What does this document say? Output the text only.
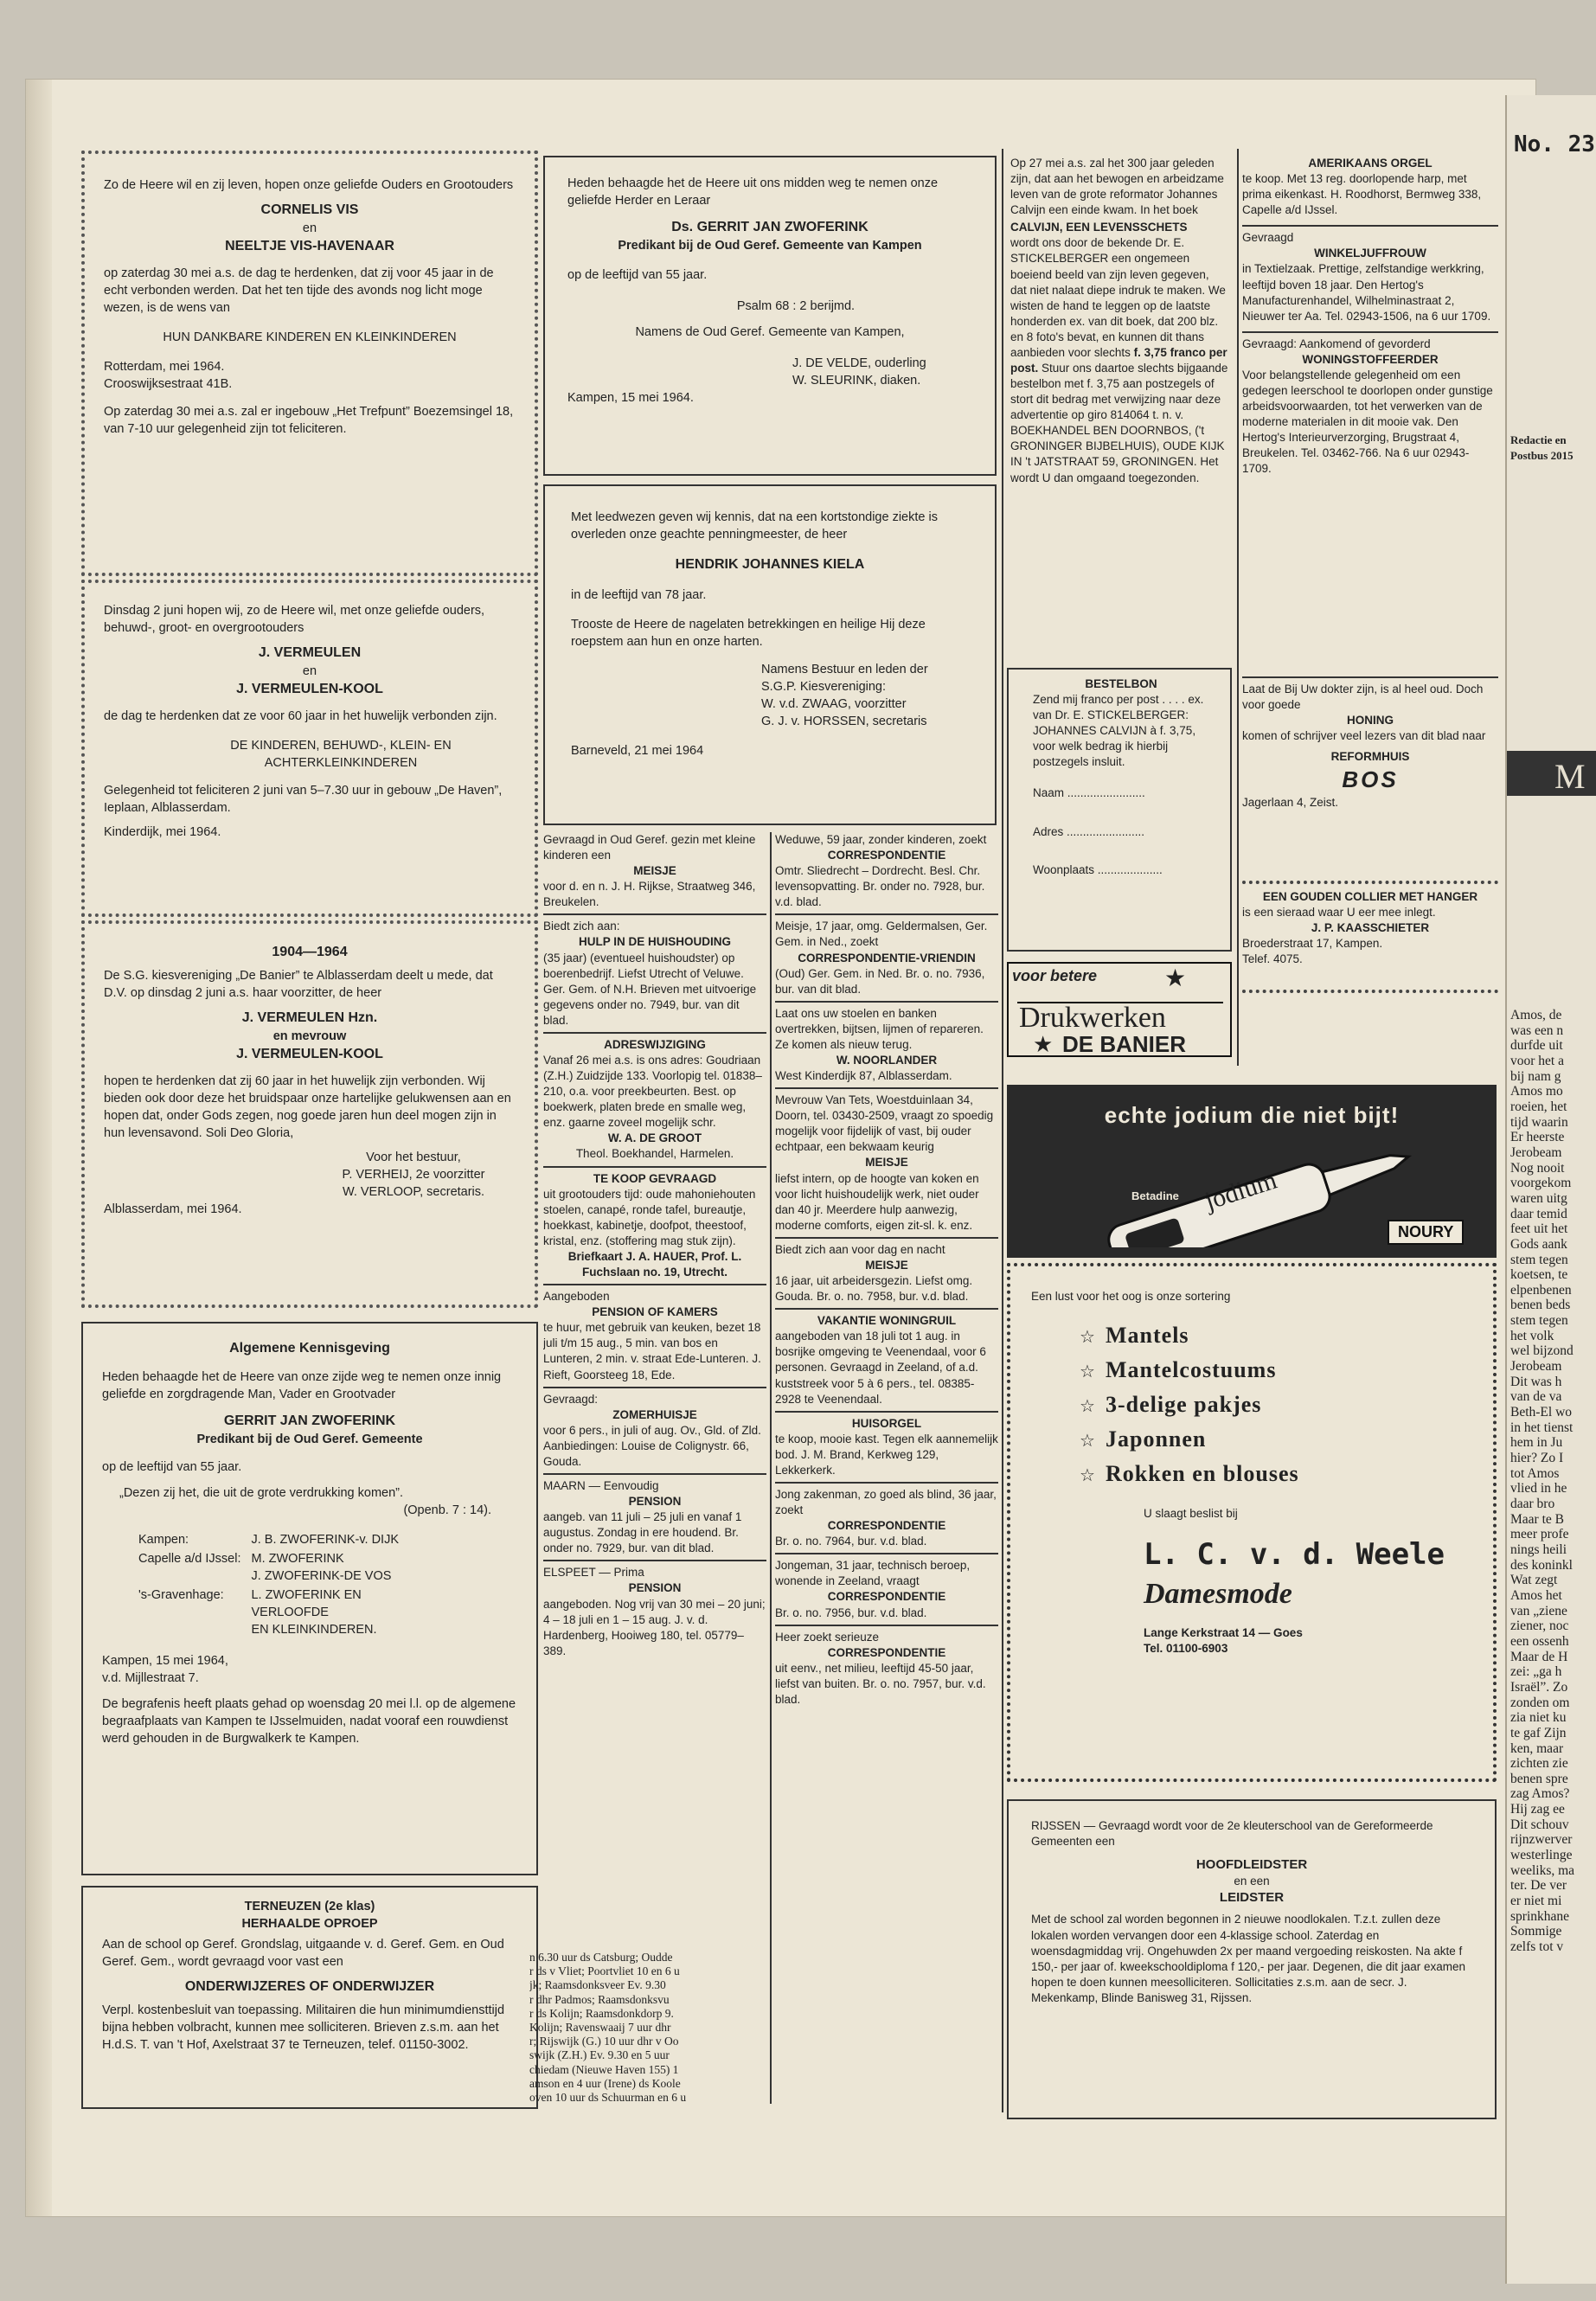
No. 23
Redactie en
Postbus 2015
M
Amos, de
was een n
durfde uit
voor het a
bij nam g
Amos mo
roeien, het
tijd waarin
Er heerste
Jerobeam
Nog nooit
voorgekom
waren uitg
daar temid
feet uit het
Gods aank
stem tegen
koetsen, te
elpenbenen
benen beds
stem tegen
het volk
wel bijzond
Jerobeam
Dit was h
van de va
Beth-El wo
in het tienst
hem in Ju
hier? Zo I
tot Amos
vlied in he
daar bro
Maar te B
meer profe
nings heili
des koninkl
Wat zegt
Amos het
van „ziene
ziener, noc
een ossenh
Maar de H
zei: „ga h
Israël”. Zo
zonden om
zia niet ku
te gaf Zijn
ken, maar
zichten zie
benen spre
zag Amos?
Hij zag ee
Dit schouv
rijnzwerver
westerlinge
weeliks, ma
ter. De ver
er niet mi
sprinkhane
Sommige
zelfs tot v

Zo de Heere wil en zij leven, hopen onze geliefde Ouders en Grootouders

CORNELIS VIS
en
NEELTJE VIS-HAVENAAR

op zaterdag 30 mei a.s. de dag te herdenken, dat zij voor 45 jaar in de echt verbonden werden. Dat het ten tijde des avonds nog licht moge wezen, is de wens van

HUN DANKBARE KINDEREN EN KLEINKINDEREN
Rotterdam, mei 1964.
Crooswijksestraat 41B.

Op zaterdag 30 mei a.s. zal er ingebouw „Het Trefpunt” Boezemsingel 18, van 7-10 uur gelegenheid zijn tot feliciteren.

Dinsdag 2 juni hopen wij, zo de Heere wil, met onze geliefde ouders, behuwd-, groot- en overgrootouders

J. VERMEULEN
en
J. VERMEULEN-KOOL

de dag te herdenken dat ze voor 60 jaar in het huwelijk verbonden zijn.

DE KINDEREN, BEHUWD-, KLEIN- EN ACHTERKLEINKINDEREN

Gelegenheid tot feliciteren 2 juni van 5–7.30 uur in gebouw „De Haven”, Ieplaan, Alblasserdam.

Kinderdijk, mei 1964.
1904—1964

De S.G. kiesvereniging „De Banier” te Alblasserdam deelt u mede, dat D.V. op dinsdag 2 juni a.s. haar voorzitter, de heer

J. VERMEULEN Hzn.
en mevrouw
J. VERMEULEN-KOOL

hopen te herdenken dat zij 60 jaar in het huwelijk zijn verbonden. Wij bieden ook door deze het bruidspaar onze hartelijke gelukwensen aan en hopen dat, onder Gods zegen, nog goede jaren hun deel mogen zijn in hun levensavond. Soli Deo Gloria,

Voor het bestuur,
P. VERHEIJ, 2e voorzitter
W. VERLOOP, secretaris.
Alblasserdam, mei 1964.
Algemene Kennisgeving

Heden behaagde het de Heere van onze zijde weg te nemen onze innig geliefde en zorgdragende Man, Vader en Grootvader

GERRIT JAN ZWOFERINK
Predikant bij de Oud Geref. Gemeente

op de leeftijd van 55 jaar.

„Dezen zij het, die uit de grote verdrukking komen”.
(Openb. 7 : 14).
Kampen:	J. B. ZWOFERINK-v. DIJK

Capelle a/d IJssel:	M. ZWOFERINK
J. ZWOFERINK-DE VOS

's-Gravenhage:	L. ZWOFERINK EN
VERLOOFDE
EN KLEINKINDEREN.
Kampen, 15 mei 1964,
v.d. Mijllestraat 7.

De begrafenis heeft plaats gehad op woensdag 20 mei l.l. op de algemene begraafplaats van Kampen te IJsselmuiden, nadat vooraf een rouwdienst werd gehouden in de Burgwalkerk te Kampen.

TERNEUZEN (2e klas)
HERHAALDE OPROEP

Aan de school op Geref. Grondslag, uitgaande v. d. Geref. Gem. en Oud Geref. Gem., wordt gevraagd voor vast een

ONDERWIJZERES OF ONDERWIJZER

Verpl. kostenbesluit van toepassing. Militairen die hun minimumdiensttijd bijna hebben volbracht, kunnen mee solliciteren. Brieven z.s.m. aan het H.d.S. T. van 't Hof, Axelstraat 37 te Terneuzen, telef. 01150-3002.

Heden behaagde het de Heere uit ons midden weg te nemen onze geliefde Herder en Leraar

Ds. GERRIT JAN ZWOFERINK
Predikant bij de Oud Geref. Gemeente van Kampen

op de leeftijd van 55 jaar.

Psalm 68 : 2 berijmd.
Namens de Oud Geref. Gemeente van Kampen,
J. DE VELDE, ouderling
W. SLEURINK, diaken.
Kampen, 15 mei 1964.

Met leedwezen geven wij kennis, dat na een kortstondige ziekte is overleden onze geachte penningmeester, de heer

HENDRIK JOHANNES KIELA

in de leeftijd van 78 jaar.

Trooste de Heere de nagelaten betrekkingen en heilige Hij deze roepstem aan hun en onze harten.

Namens Bestuur en leden der
S.G.P. Kiesvereniging:
W. v.d. ZWAAG, voorzitter
G. J. v. HORSSEN, secretaris
Barneveld, 21 mei 1964
Gevraagd in Oud Geref. gezin met kleine kinderen een
MEISJE
voor d. en n. J. H. Rijkse, Straatweg 346, Breukelen.
Biedt zich aan:
HULP IN DE HUISHOUDING
(35 jaar) (eventueel huishoudster) op boerenbedrijf. Liefst Utrecht of Veluwe. Ger. Gem. of N.H. Brieven met uitvoerige gegevens onder no. 7949, bur. van dit blad.
ADRESWIJZIGING
Vanaf 26 mei a.s. is ons adres: Goudriaan (Z.H.) Zuidzijde 133. Voorlopig tel. 01838–210, o.a. voor preekbeurten. Best. op boekwerk, platen brede en smalle weg, enz. gaarne zoveel mogelijk schr.
W. A. DE GROOT
Theol. Boekhandel, Harmelen.
TE KOOP GEVRAAGD
uit grootouders tijd: oude mahoniehouten stoelen, canapé, ronde tafel, bureautje, hoekkast, kabinetje, doofpot, theestoof, kristal, enz. (stoffering mag stuk zijn).
Briefkaart J. A. HAUER, Prof. L. Fuchslaan no. 19, Utrecht.
Aangeboden
PENSION OF KAMERS
te huur, met gebruik van keuken, bezet 18 juli t/m 15 aug., 5 min. van bos en Lunteren, 2 min. v. straat Ede-Lunteren. J. Rieft, Goorsteeg 18, Ede.
Gevraagd:
ZOMERHUISJE
voor 6 pers., in juli of aug. Ov., Gld. of Zld. Aanbiedingen: Louise de Colignystr. 66, Gouda.
MAARN — Eenvoudig
PENSION
aangeb. van 11 juli – 25 juli en vanaf 1 augustus. Zondag in ere houdend. Br. onder no. 7929, bur. van dit blad.
ELSPEET — Prima
PENSION
aangeboden. Nog vrij van 30 mei – 20 juni; 4 – 18 juli en 1 – 15 aug. J. v. d. Hardenberg, Hooiweg 180, tel. 05779–389.
Weduwe, 59 jaar, zonder kinderen, zoekt
CORRESPONDENTIE
Omtr. Sliedrecht – Dordrecht. Besl. Chr. levensopvatting. Br. onder no. 7928, bur. v.d. blad.
Meisje, 17 jaar, omg. Geldermalsen, Ger. Gem. in Ned., zoekt
CORRESPONDENTIE-VRIENDIN
(Oud) Ger. Gem. in Ned. Br. o. no. 7936, bur. van dit blad.
Laat ons uw stoelen en banken overtrekken, bijtsen, lijmen of repareren. Ze komen als nieuw terug.
W. NOORLANDER
West Kinderdijk 87, Alblasserdam.
Mevrouw Van Tets, Woestduinlaan 34, Doorn, tel. 03430-2509, vraagt zo spoedig mogelijk voor fijdelijk of vast, bij ouder echtpaar, een bekwaam keurig
MEISJE
liefst intern, op de hoogte van koken en voor licht huishoudelijk werk, niet ouder dan 40 jr. Meerdere hulp aanwezig, moderne comforts, eigen zit-sl. k. enz.
Biedt zich aan voor dag en nacht
MEISJE
16 jaar, uit arbeidersgezin. Liefst omg. Gouda. Br. o. no. 7958, bur. v.d. blad.
VAKANTIE WONINGRUIL
aangeboden van 18 juli tot 1 aug. in bosrijke omgeving te Veenendaal, voor 6 personen. Gevraagd in Zeeland, of a.d. kuststreek voor 5 à 6 pers., tel. 08385-2928 te Veenendaal.
HUISORGEL
te koop, mooie kast. Tegen elk aannemelijk bod. J. M. Brand, Kerkweg 129, Lekkerkerk.
Jong zakenman, zo goed als blind, 36 jaar, zoekt
CORRESPONDENTIE
Br. o. no. 7964, bur. v.d. blad.
Jongeman, 31 jaar, technisch beroep, wonende in Zeeland, vraagt
CORRESPONDENTIE
Br. o. no. 7956, bur. v.d. blad.
Heer zoekt serieuze
CORRESPONDENTIE
uit eenv., net milieu, leeftijd 45-50 jaar, liefst van buiten. Br. o. no. 7957, bur. v.d. blad.
n 6.30 uur ds Catsburg; Oudde
r ds v Vliet; Poortvliet 10 en 6 u
jk; Raamsdonksveer Ev. 9.30
r dhr Padmos; Raamsdonksvu
r ds Kolijn; Raamsdonkdorp 9.
Kolijn; Ravenswaaij 7 uur dhr
r; Rijswijk (G.) 10 uur dhr v Oo
swijk (Z.H.) Ev. 9.30 en 5 uur
chiedam (Nieuwe Haven 155) 1
amson en 4 uur (Irene) ds Koole
oven 10 uur ds Schuurman en 6 u

Op 27 mei a.s. zal het 300 jaar geleden zijn, dat aan het bewogen en arbeidzame leven van de grote reformator Johannes Calvijn een einde kwam. In het boek

CALVIJN, EEN LEVENSSCHETS
wordt ons door de bekende Dr. E. STICKELBERGER een ongemeen boeiend beeld van zijn leven gegeven, dat niet nalaat diepe indruk te maken. We wisten de hand te leggen op de laatste honderden ex. van dit boek, dat 200 blz. en 8 foto's bevat, en kunnen dit thans aanbieden voor slechts f. 3,75 franco per post. Stuur ons daartoe slechts bijgaande bestelbon met f. 3,75 aan postzegels of stort dit bedrag met verwijzing naar deze advertentie op giro 814064 t. n. v. BOEKHANDEL BEN DOORNBOS, ('t GRONINGER BIJBELHUIS), OUDE KIJK IN 't JATSTRAAT 59, GRONINGEN. Het wordt U dan omgaand toegezonden.
BESTELBON

Zend mij franco per post . . . . ex. van Dr. E. STICKELBERGER: JOHANNES CALVIJN à f. 3,75, voor welk bedrag ik hierbij postzegels insluit.

Naam ........................
Adres ........................
Woonplaats ....................
voor betere	★
Drukwerken
DE BANIER
★
AMERIKAANS ORGEL

te koop. Met 13 reg. doorlopende harp, met prima eikenkast. H. Roodhorst, Bermweg 338, Capelle a/d IJssel.

Gevraagd
WINKELJUFFROUW

in Textielzaak. Prettige, zelfstandige werkkring, leeftijd boven 18 jaar. Den Hertog's Manufacturenhandel, Wilhelminastraat 2, Nieuwer ter Aa. Tel. 02943-1506, na 6 uur 1709.

Gevraagd: Aankomend of gevorderd
WONINGSTOFFEERDER

Voor belangstellende gelegenheid om een gedegen leerschool te doorlopen onder gunstige arbeidsvoorwaarden, tot het verwerken van de moderne materialen in dit mooie vak. Den Hertog's Interieurverzorging, Brugstraat 4, Breukelen. Tel. 03462-766. Na 6 uur 02943-1709.

Laat de Bij Uw dokter zijn, is al heel oud. Doch voor goede
HONING
komen of schrijver veel lezers van dit blad naar
REFORMHUIS
BOS
Jagerlaan 4, Zeist.
EEN GOUDEN COLLIER MET HANGER
is een sieraad waar U eer mee inlegt.
J. P. KAASSCHIETER
Broederstraat 17, Kampen.
Telef. 4075.
echte jodium die niet bijt!
Betadine jodium
NOURY
Een lust voor het oog is onze sortering
☆ Mantels
☆ Mantelcostuums
☆ 3-delige pakjes
☆ Japonnen
☆ Rokken en blouses
U slaagt beslist bij
L. C. v. d. Weele
Damesmode
Lange Kerkstraat 14 — Goes
Tel. 01100-6903

RIJSSEN — Gevraagd wordt voor de 2e kleuterschool van de Gereformeerde Gemeenten een

HOOFDLEIDSTER
en een
LEIDSTER

Met de school zal worden begonnen in 2 nieuwe noodlokalen. T.z.t. zullen deze lokalen worden vervangen door een 4-klassige school. Zaterdag en woensdagmiddag vrij. Ongehuwden 2x per maand vergoeding reiskosten. Na akte f 150,- per jaar of. kweekschooldiploma f 120,- per jaar. Degenen, die dit jaar examen hopen te doen kunnen meesolliciteren. Sollicitaties z.s.m. aan de secr. J. Mekenkamp, Blinde Banisweg 31, Rijssen.
